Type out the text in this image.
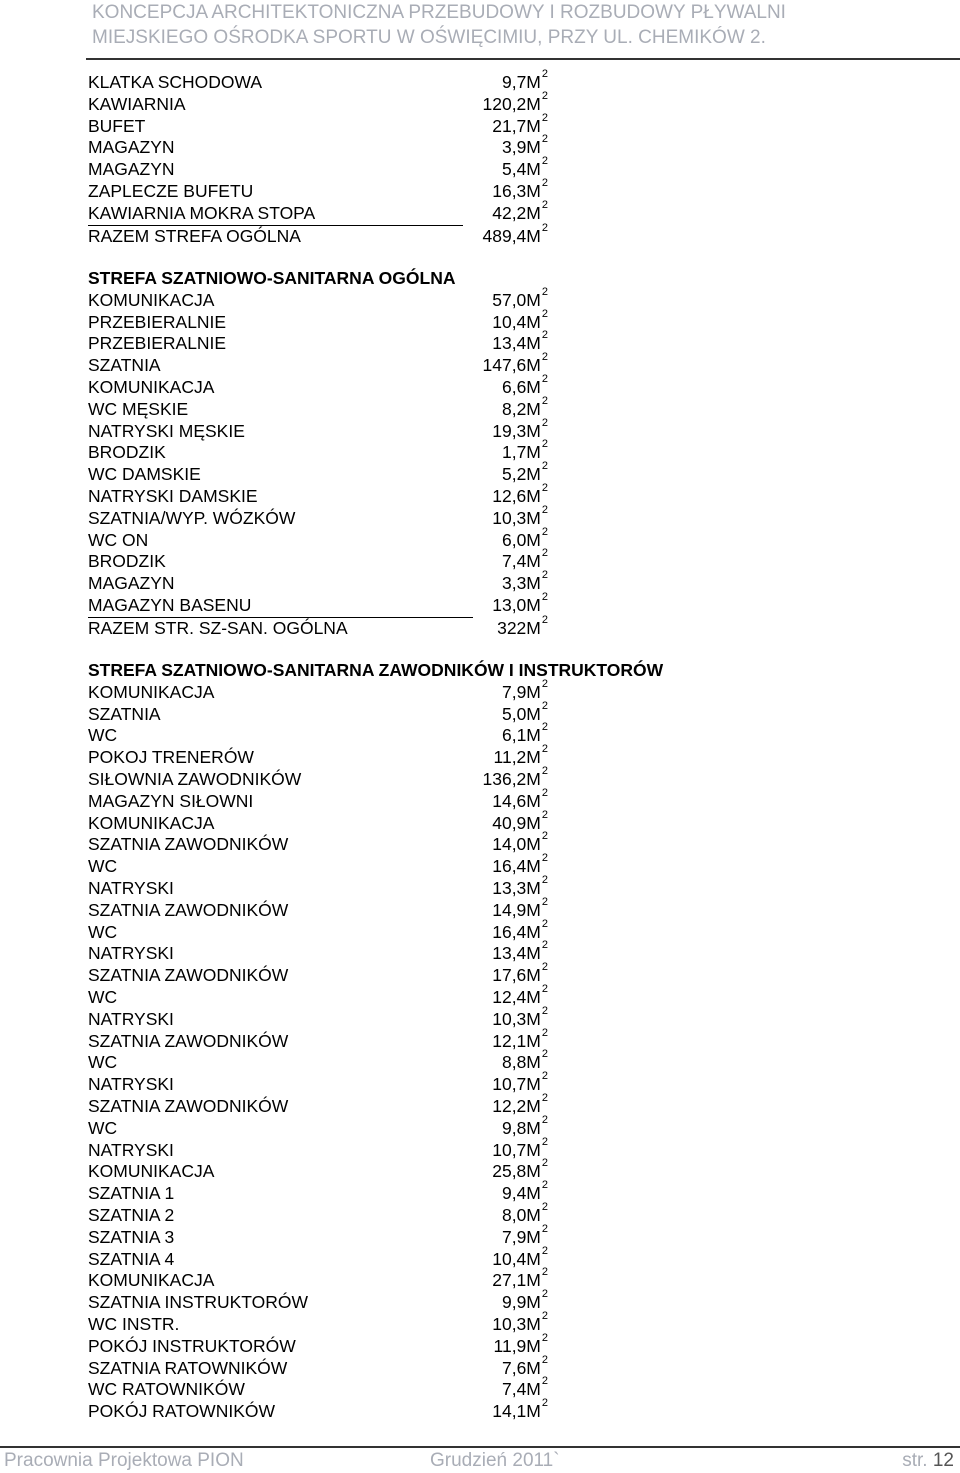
KONCEPCJA ARCHITEKTONICZNA PRZEBUDOWY I ROZBUDOWY PŁYWALNI
MIEJSKIEGO OŚRODKA SPORTU W OŚWIĘCIMIU, PRZY UL. CHEMIKÓW 2.
KLATKA SCHODOWA	$9,7M^2$
KAWIARNIA	$120,2M^2$
BUFET	$21,7M^2$
MAGAZYN	$3,9M^2$
MAGAZYN	$5,4M^2$
ZAPLECZE BUFETU	$16,3M^2$
KAWIARNIA MOKRA STOPA	$42,2M^2$
RAZEM STREFA OGÓLNA	$489,4M^2$
STREFA SZATNIOWO-SANITARNA OGÓLNA
KOMUNIKACJA	$57,0M^2$
PRZEBIERALNIE	$10,4M^2$
PRZEBIERALNIE	$13,4M^2$
SZATNIA	$147,6M^2$
KOMUNIKACJA	$6,6M^2$
WC MĘSKIE	$8,2M^2$
NATRYSKI MĘSKIE	$19,3M^2$
BRODZIK	$1,7M^2$
WC DAMSKIE	$5,2M^2$
NATRYSKI DAMSKIE	$12,6M^2$
SZATNIA/WYP. WÓZKÓW	$10,3M^2$
WC ON	$6,0M^2$
BRODZIK	$7,4M^2$
MAGAZYN	$3,3M^2$
MAGAZYN BASENU	$13,0M^2$
RAZEM STR. SZ-SAN. OGÓLNA	$322M^2$
STREFA SZATNIOWO-SANITARNA ZAWODNIKÓW I INSTRUKTORÓW
KOMUNIKACJA	$7,9M^2$
SZATNIA	$5,0M^2$
WC	$6,1M^2$
POKOJ TRENERÓW	$11,2M^2$
SIŁOWNIA ZAWODNIKÓW	$136,2M^2$
MAGAZYN SIŁOWNI	$14,6M^2$
KOMUNIKACJA	$40,9M^2$
SZATNIA ZAWODNIKÓW	$14,0M^2$
WC	$16,4M^2$
NATRYSKI	$13,3M^2$
SZATNIA ZAWODNIKÓW	$14,9M^2$
WC	$16,4M^2$
NATRYSKI	$13,4M^2$
SZATNIA ZAWODNIKÓW	$17,6M^2$
WC	$12,4M^2$
NATRYSKI	$10,3M^2$
SZATNIA ZAWODNIKÓW	$12,1M^2$
WC	$8,8M^2$
NATRYSKI	$10,7M^2$
SZATNIA ZAWODNIKÓW	$12,2M^2$
WC	$9,8M^2$
NATRYSKI	$10,7M^2$
KOMUNIKACJA	$25,8M^2$
SZATNIA 1	$9,4M^2$
SZATNIA 2	$8,0M^2$
SZATNIA 3	$7,9M^2$
SZATNIA 4	$10,4M^2$
KOMUNIKACJA	$27,1M^2$
SZATNIA INSTRUKTORÓW	$9,9M^2$
WC INSTR.	$10,3M^2$
POKÓJ INSTRUKTORÓW	$11,9M^2$
SZATNIA RATOWNIKÓW	$7,6M^2$
WC RATOWNIKÓW	$7,4M^2$
POKÓJ RATOWNIKÓW	$14,1M^2$
Pracownia Projektowa PION	Grudzień 2011`	str. 12
